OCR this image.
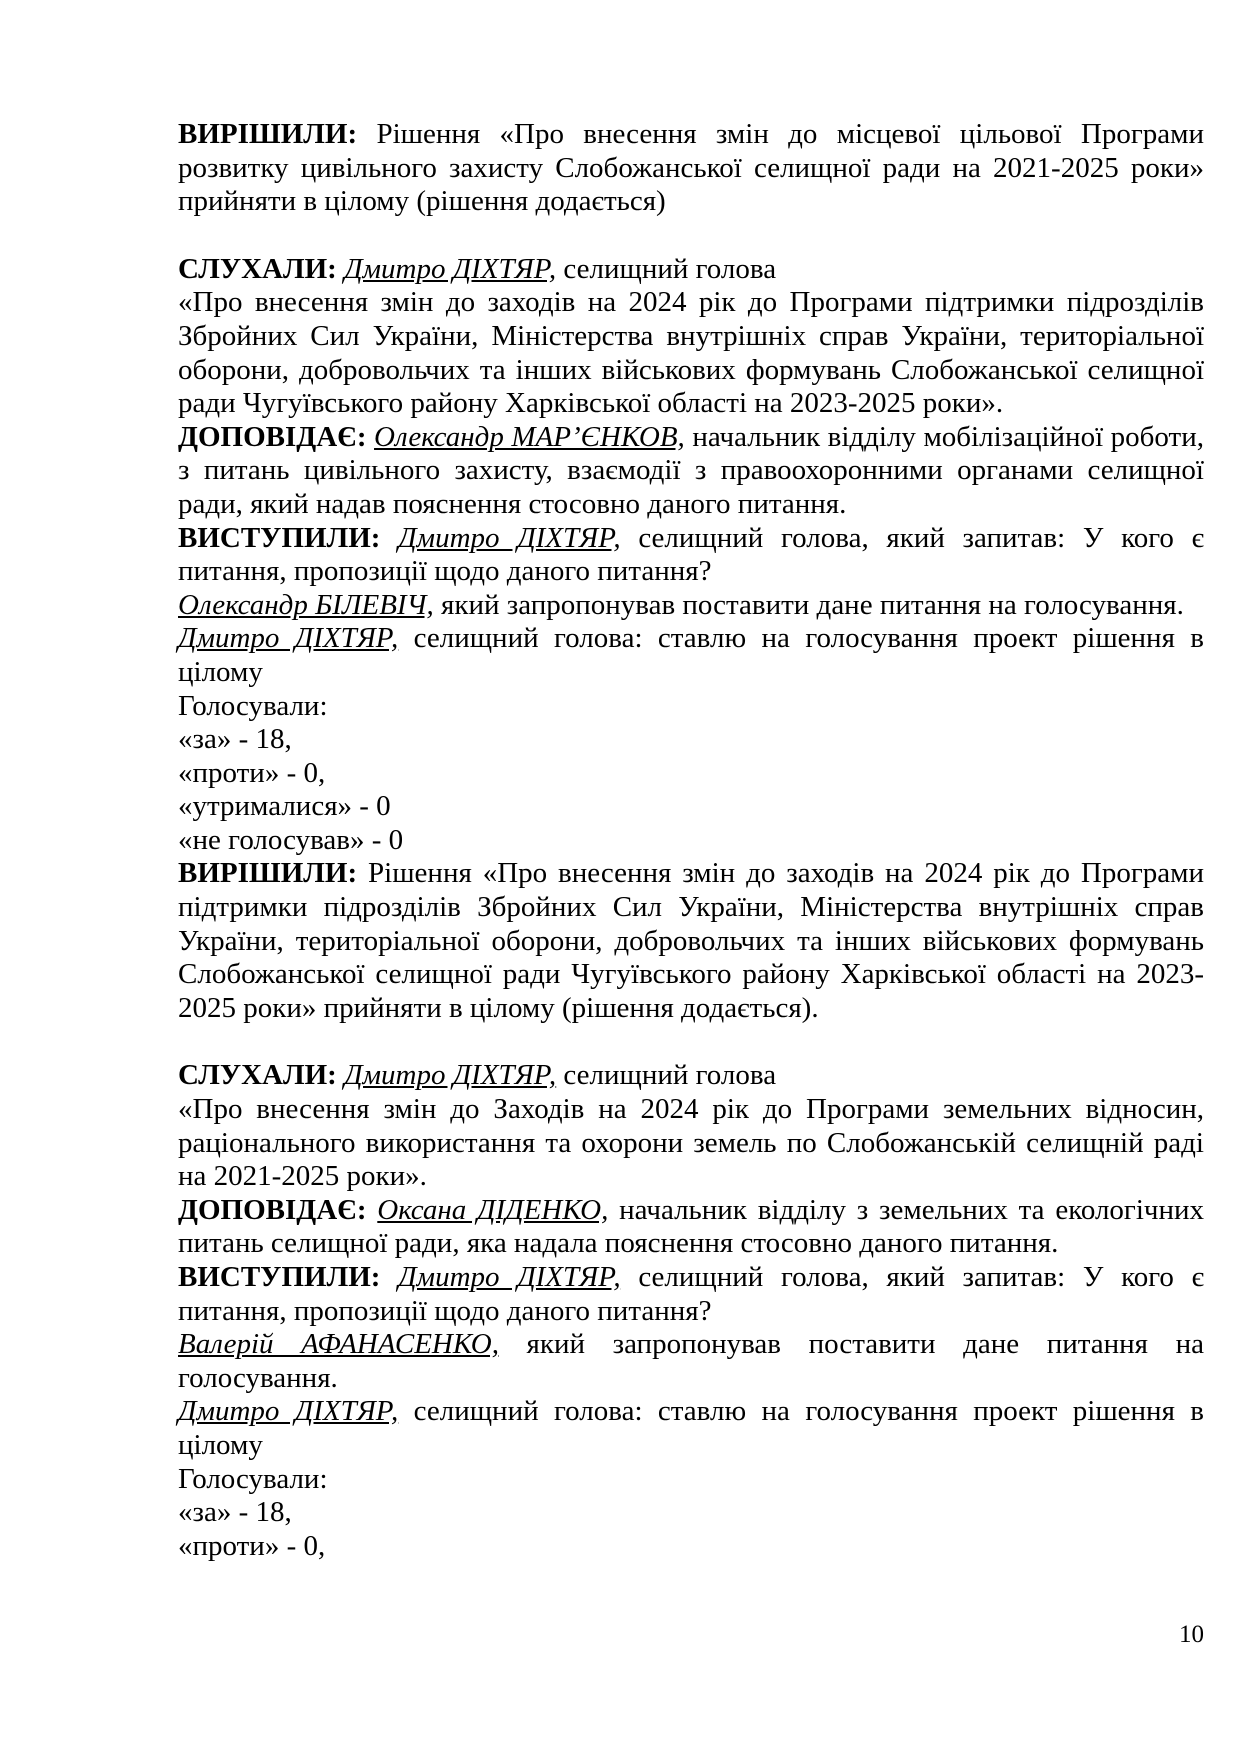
ВИРІШИЛИ: Рішення «Про внесення змін до місцевої цільової Програми розвитку цивільного захисту Слобожанської селищної ради на 2021-2025 роки» прийняти в цілому (рішення додається)

СЛУХАЛИ: Дмитро ДІХТЯР, селищний голова

«Про внесення змін до заходів на 2024 рік до Програми підтримки підрозділів Збройних Сил України, Міністерства внутрішніх справ України, територіальної оборони, добровольчих та інших військових формувань Слобожанської селищної ради Чугуївського району Харківської області на 2023-2025 роки».

ДОПОВІДАЄ: Олександр МАР’ЄНКОВ, начальник відділу мобілізаційної роботи, з питань цивільного захисту, взаємодії з правоохоронними органами селищної ради, який надав пояснення стосовно даного питання.

ВИСТУПИЛИ: Дмитро ДІХТЯР, селищний голова, який запитав: У кого є питання, пропозиції щодо даного питання?

Олександр БІЛЕВІЧ, який запропонував поставити дане питання на голосування.

Дмитро ДІХТЯР, селищний голова: ставлю на голосування проект рішення в цілому

Голосували:

«за» - 18,

«проти» - 0,

«утрималися» - 0

«не голосував» - 0

ВИРІШИЛИ: Рішення «Про внесення змін до заходів на 2024 рік до Програми підтримки підрозділів Збройних Сил України, Міністерства внутрішніх справ України, територіальної оборони, добровольчих та інших військових формувань Слобожанської селищної ради Чугуївського району Харківської області на 2023-2025 роки» прийняти в цілому (рішення додається).

СЛУХАЛИ: Дмитро ДІХТЯР, селищний голова

«Про внесення змін до Заходів на 2024 рік до Програми земельних відносин, раціонального використання та охорони земель по Слобожанській селищній раді на 2021-2025 роки».

ДОПОВІДАЄ: Оксана ДІДЕНКО, начальник відділу з земельних та екологічних питань селищної ради, яка надала пояснення стосовно даного питання.

ВИСТУПИЛИ: Дмитро ДІХТЯР, селищний голова, який запитав: У кого є питання, пропозиції щодо даного питання?

Валерій АФАНАСЕНКО, який запропонував поставити дане питання на голосування.

Дмитро ДІХТЯР, селищний голова: ставлю на голосування проект рішення в цілому

Голосували:

«за» - 18,

«проти» - 0,

10
